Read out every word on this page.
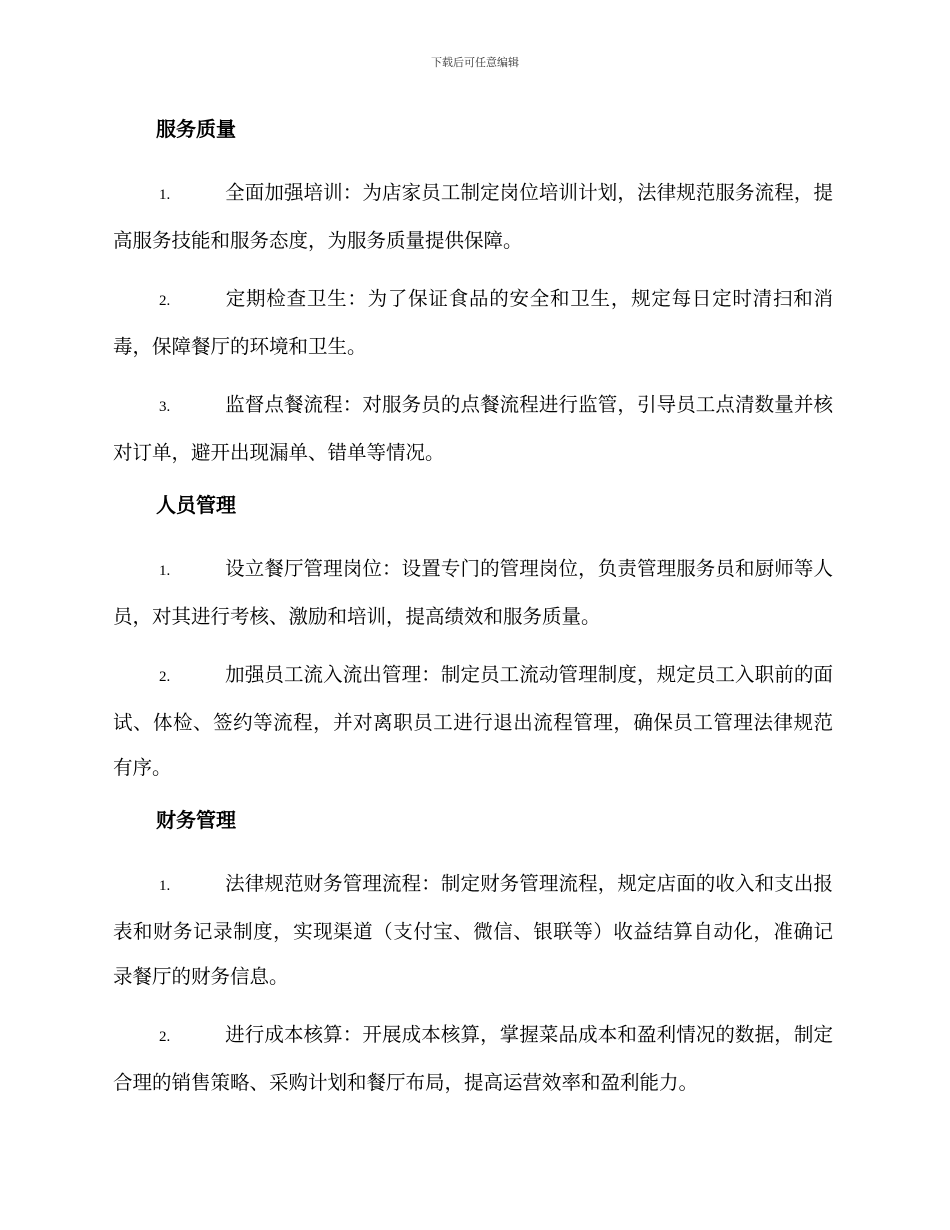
下载后可任意编辑
服务质量

1.	全面加强培训：为店家员工制定岗位培训计划，法律规范服务流程，提高服务技能和服务态度，为服务质量提供保障。

2.	定期检查卫生：为了保证食品的安全和卫生，规定每日定时清扫和消毒，保障餐厅的环境和卫生。

3.	监督点餐流程：对服务员的点餐流程进行监管，引导员工点清数量并核对订单，避开出现漏单、错单等情况。

人员管理

1.	设立餐厅管理岗位：设置专门的管理岗位，负责管理服务员和厨师等人员，对其进行考核、激励和培训，提高绩效和服务质量。

2.	加强员工流入流出管理：制定员工流动管理制度，规定员工入职前的面试、体检、签约等流程，并对离职员工进行退出流程管理，确保员工管理法律规范有序。

财务管理

1.	法律规范财务管理流程：制定财务管理流程，规定店面的收入和支出报表和财务记录制度，实现渠道（支付宝、微信、银联等）收益结算自动化，准确记录餐厅的财务信息。

2.	进行成本核算：开展成本核算，掌握菜品成本和盈利情况的数据，制定合理的销售策略、采购计划和餐厅布局，提高运营效率和盈利能力。
